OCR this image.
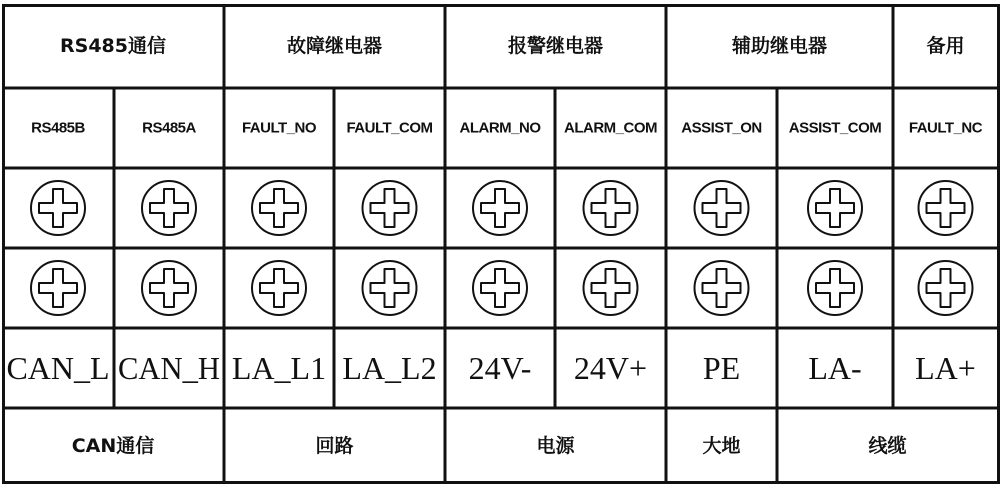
RS485通信	故障继电器	报警继电器	辅助继电器	备用
RS485B	RS485A	FAULT_NO FAULT_COM ALARM_NO ALARM_COM ASSIST_ON ASSIST_COM FAULT_NC
CAN_L CAN_H LA_L1 LA_L2 24V- 24V+ PE LA- LA+
CAN通信	回路	电源	大地	线缆
